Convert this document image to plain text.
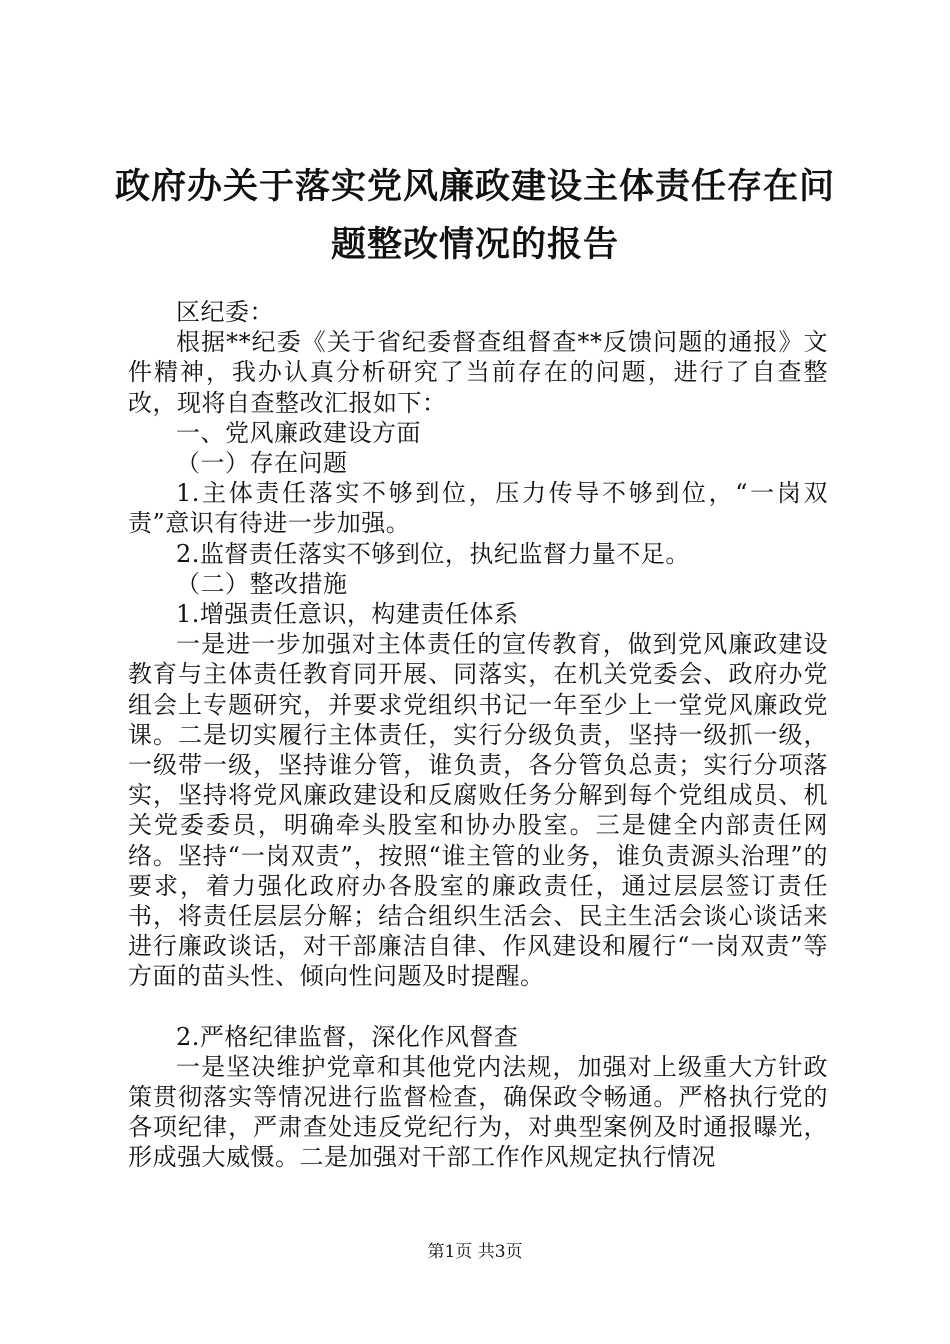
政府办关于落实党风廉政建设主体责任存在问
题整改情况的报告

区纪委：

根据**纪委《关于省纪委督查组督查**反馈问题的通报》文件精神，我办认真分析研究了当前存在的问题，进行了自查整改，现将自查整改汇报如下：

一、党风廉政建设方面

（一）存在问题

1.主体责任落实不够到位，压力传导不够到位，“一岗双责”意识有待进一步加强。

2.监督责任落实不够到位，执纪监督力量不足。

（二）整改措施

1.增强责任意识，构建责任体系

一是进一步加强对主体责任的宣传教育，做到党风廉政建设教育与主体责任教育同开展、同落实，在机关党委会、政府办党组会上专题研究，并要求党组织书记一年至少上一堂党风廉政党课。二是切实履行主体责任，实行分级负责，坚持一级抓一级，一级带一级，坚持谁分管，谁负责，各分管负总责；实行分项落实，坚持将党风廉政建设和反腐败任务分解到每个党组成员、机关党委委员，明确牵头股室和协办股室。三是健全内部责任网络。坚持“一岗双责”，按照“谁主管的业务，谁负责源头治理”的要求，着力强化政府办各股室的廉政责任，通过层层签订责任书，将责任层层分解；结合组织生活会、民主生活会谈心谈话来进行廉政谈话，对干部廉洁自律、作风建设和履行“一岗双责”等方面的苗头性、倾向性问题及时提醒。

2.严格纪律监督，深化作风督查

一是坚决维护党章和其他党内法规，加强对上级重大方针政策贯彻落实等情况进行监督检查，确保政令畅通。严格执行党的各项纪律，严肃查处违反党纪行为，对典型案例及时通报曝光，形成强大威慑。二是加强对干部工作作风规定执行情况

第1页 共3页
